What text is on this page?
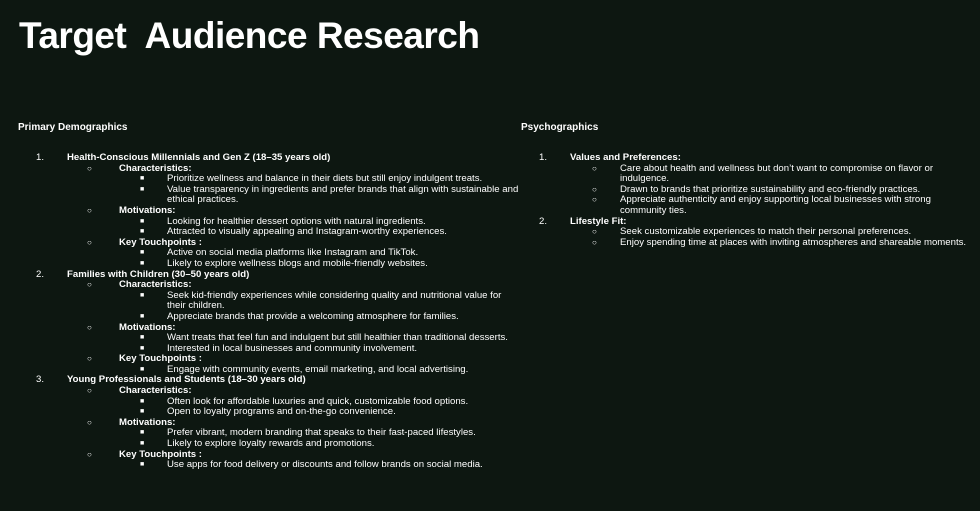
Target  Audience Research
Primary Demographics
1. Health-Conscious Millennials and Gen Z (18–35 years old)
○	Characteristics:
■ Prioritize wellness and balance in their diets but still enjoy indulgent treats.
■ Value transparency in ingredients and prefer brands that align with sustainable and ethical practices.
○	Motivations:
■ Looking for healthier dessert options with natural ingredients.
■ Attracted to visually appealing and Instagram-worthy experiences.
○	Key Touchpoints :
■ Active on social media platforms like Instagram and TikTok.
■ Likely to explore wellness blogs and mobile-friendly websites.
2. Families with Children (30–50 years old)
○	Characteristics:
■ Seek kid-friendly experiences while considering quality and nutritional value for their children.
■ Appreciate brands that provide a welcoming atmosphere for families.
○	Motivations:
■ Want treats that feel fun and indulgent but still healthier than traditional desserts.
■ Interested in local businesses and community involvement.
○	Key Touchpoints :
■ Engage with community events, email marketing, and local advertising.
3. Young Professionals and Students (18–30 years old)
○	Characteristics:
■ Often look for affordable luxuries and quick, customizable food options.
■ Open to loyalty programs and on-the-go convenience.
○	Motivations:
■ Prefer vibrant, modern branding that speaks to their fast-paced lifestyles.
■ Likely to explore loyalty rewards and promotions.
○	Key Touchpoints :
■ Use apps for food delivery or discounts and follow brands on social media.
Psychographics
1. Values and Preferences:
○ Care about health and wellness but don’t want to compromise on flavor or indulgence.
○ Drawn to brands that prioritize sustainability and eco-friendly practices.
○ Appreciate authenticity and enjoy supporting local businesses with strong community ties.
2. Lifestyle Fit:
○ Seek customizable experiences to match their personal preferences.
○ Enjoy spending time at places with inviting atmospheres and shareable moments.
